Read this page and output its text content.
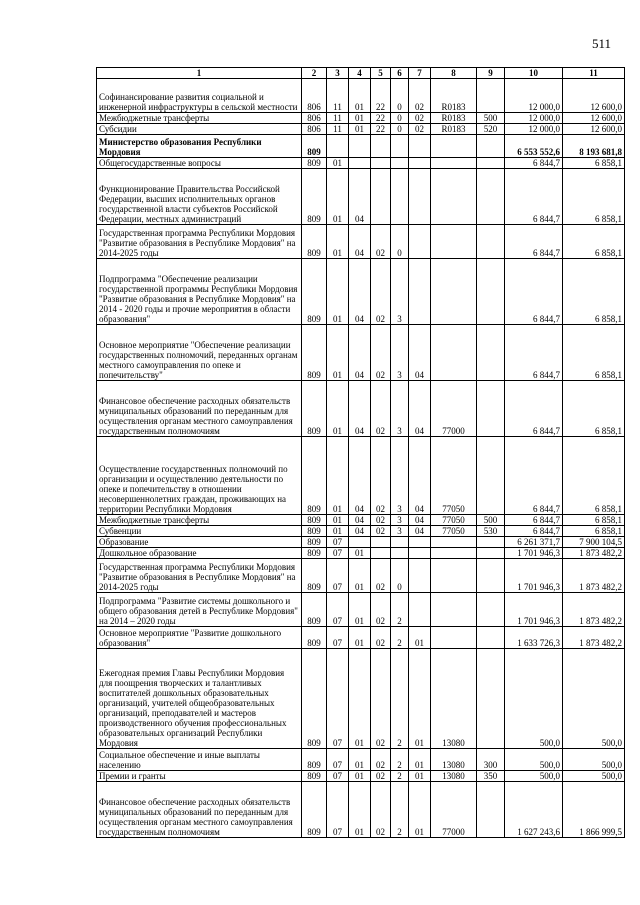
511
1	2	3	4	5	6	7	8	9	10	11
Софинансирование развития социальной и инженерной инфраструктуры в сельской местности	806	11	01	22	0	02	R0183		12 000,0	12 600,0
Межбюджетные трансферты	806	11	01	22	0	02	R0183	500	12 000,0	12 600,0
Субсидии	806	11	01	22	0	02	R0183	520	12 000,0	12 600,0
Министерство образования Республики Мордовия	809								6 553 552,6	8 193 681,8
Общегосударственные вопросы	809	01							6 844,7	6 858,1
Функционирование Правительства Российской Федерации, высших исполнительных органов государственной власти субъектов Российской Федерации, местных администраций	809	01	04						6 844,7	6 858,1
Государственная программа Республики Мордовия "Развитие образования в Республике Мордовия" на 2014-2025 годы	809	01	04	02	0				6 844,7	6 858,1
Подпрограмма "Обеспечение реализации государственной программы Республики Мордовия "Развитие образования в Республике Мордовия" на 2014 - 2020 годы и прочие мероприятия в области образования"	809	01	04	02	3				6 844,7	6 858,1
Основное мероприятие "Обеспечение реализации государственных полномочий, переданных органам местного самоуправления по опеке и попечительству"	809	01	04	02	3	04			6 844,7	6 858,1
Финансовое обеспечение расходных обязательств муниципальных образований по переданным для осуществления органам местного самоуправления государственным полномочиям	809	01	04	02	3	04	77000		6 844,7	6 858,1
Осуществление государственных полномочий по организации и осуществлению деятельности по опеке и попечительству в отношении несовершеннолетних граждан, проживающих на территории Республики Мордовия	809	01	04	02	3	04	77050		6 844,7	6 858,1
Межбюджетные трансферты	809	01	04	02	3	04	77050	500	6 844,7	6 858,1
Субвенции	809	01	04	02	3	04	77050	530	6 844,7	6 858,1
Образование	809	07							6 261 371,7	7 900 104,5
Дошкольное образование	809	07	01						1 701 946,3	1 873 482,2
Государственная программа Республики Мордовия "Развитие образования в Республике Мордовия" на 2014-2025 годы	809	07	01	02	0				1 701 946,3	1 873 482,2
Подпрограмма "Развитие системы дошкольного и общего образования детей в Республике Мордовия" на 2014 – 2020 годы	809	07	01	02	2				1 701 946,3	1 873 482,2
Основное мероприятие "Развитие дошкольного образования"	809	07	01	02	2	01			1 633 726,3	1 873 482,2
Ежегодная премия Главы Республики Мордовия для поощрения творческих и талантливых воспитателей дошкольных образовательных организаций, учителей общеобразовательных организаций, преподавателей и мастеров производственного обучения профессиональных образовательных организаций Республики Мордовия	809	07	01	02	2	01	13080		500,0	500,0
Социальное обеспечение и иные выплаты населению	809	07	01	02	2	01	13080	300	500,0	500,0
Премии и гранты	809	07	01	02	2	01	13080	350	500,0	500,0
Финансовое обеспечение расходных обязательств муниципальных образований по переданным для осуществления органам местного самоуправления государственным полномочиям	809	07	01	02	2	01	77000		1 627 243,6	1 866 999,5
